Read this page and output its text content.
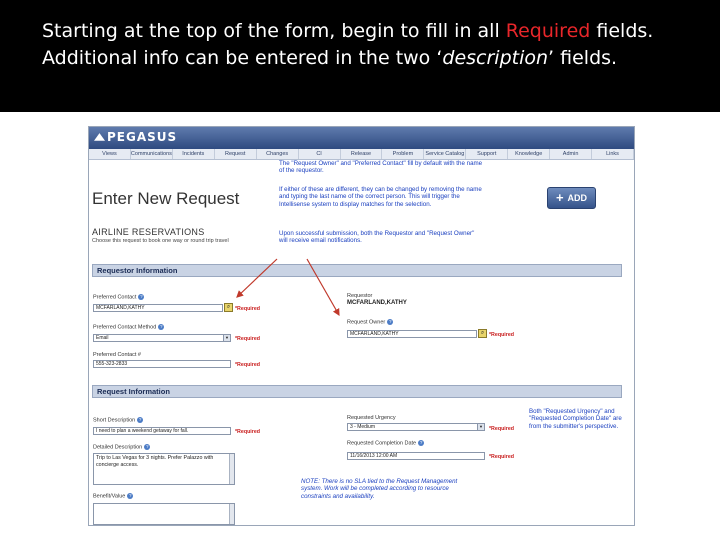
Starting at the top of the form, begin to fill in all Required fields. Additional info can be entered in the two ‘description’ fields.
PEGASUS
Views	Communications	Incidents	Request	Changes	CI	Release	Problem	Service Catalog	Support	Knowledge	Admin	Links
Enter New Request
AIRLINE RESERVATIONS
Choose this request to book one way or round trip travel
+ ADD
The "Request Owner" and "Preferred Contact" fill by default with the name of the requestor.
If either of these are different, they can be changed by removing the name and typing the last name of the correct person. This will trigger the Intellisense system to display matches for the selection.
Upon successful submission, both the Requestor and "Request Owner" will receive email notifications.
Requestor Information
Preferred Contact ?
MCFARLAND,KATHY	⌕ *Required
Preferred Contact Method ?
Email	▼ *Required
Preferred Contact #
555-323-2833	*Required
Requestor
MCFARLAND,KATHY
Request Owner ?
MCFARLAND,KATHY	⌕ *Required
Request Information
Short Description ?
I need to plan a weekend getaway for fall.	*Required
Detailed Description ?
Trip to Las Vegas for 3 nights. Prefer Palazzo with concierge access.
Benefit/Value ?
Requested Urgency
3 - Medium	▼ *Required
Requested Completion Date ?
11/16/2013 12:00 AM	*Required
Both "Requested Urgency" and "Requested Completion Date" are from the submitter's perspective.
NOTE: There is no SLA tied to the Request Management system. Work will be completed according to resource constraints and availability.
